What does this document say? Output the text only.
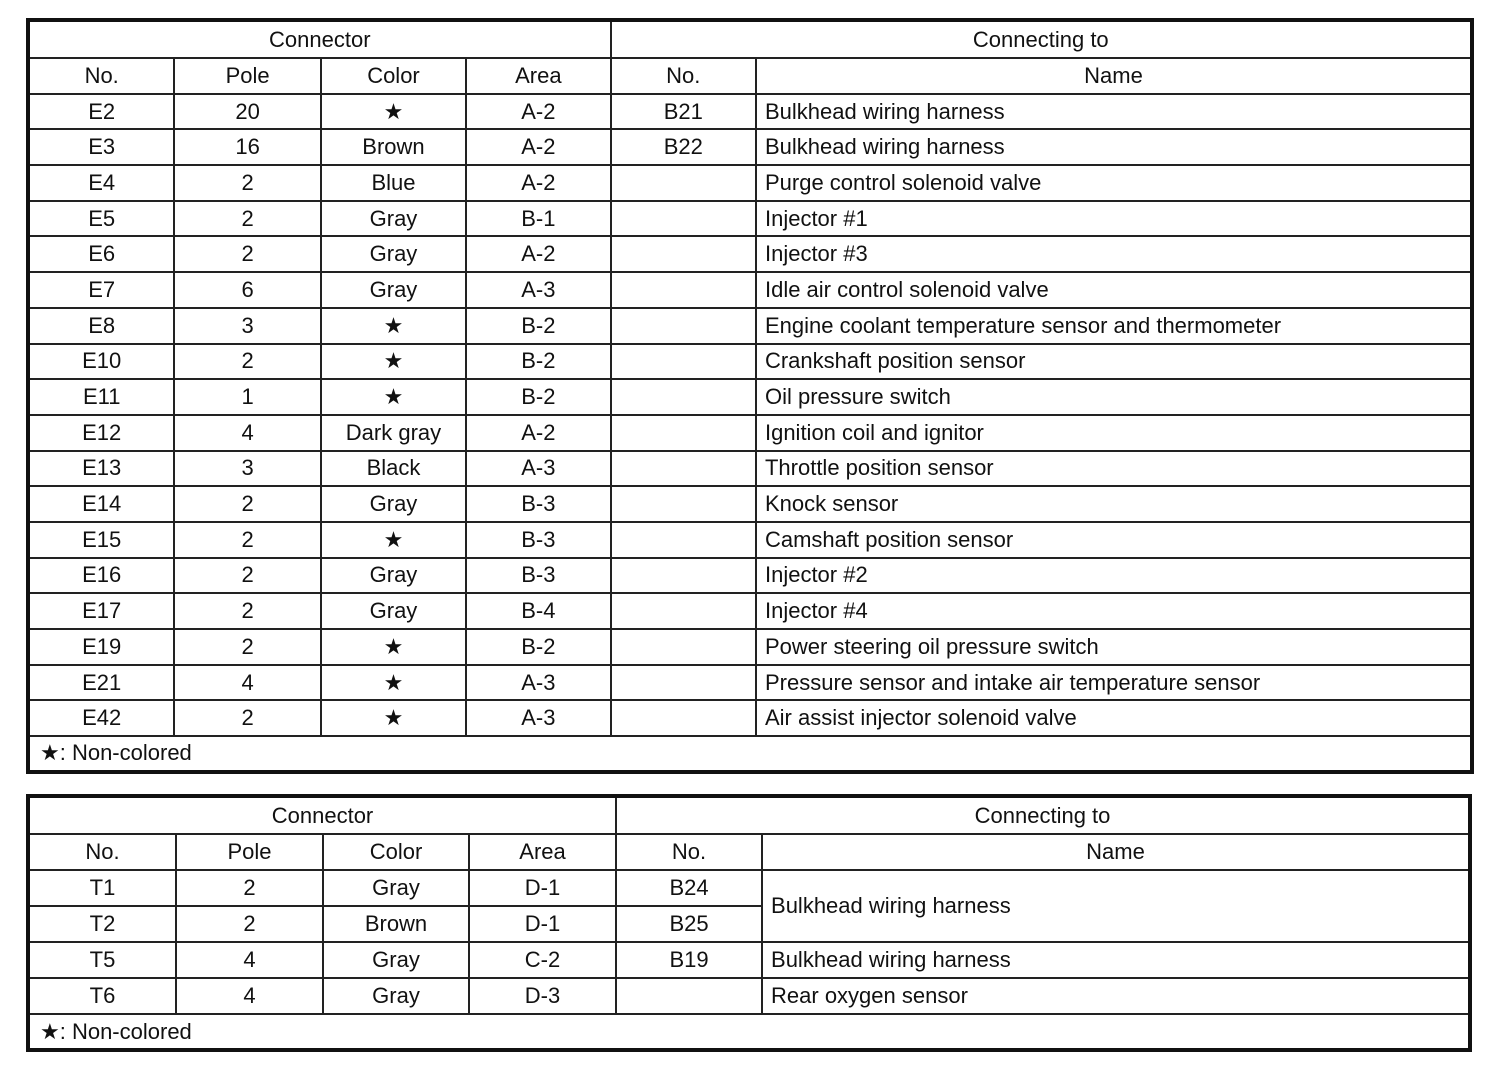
Connector				Connecting to	
No.	Pole	Color	Area	No.	Name
E2	20	★	A-2	B21	Bulkhead wiring harness
E3	16	Brown	A-2	B22	Bulkhead wiring harness
E4	2	Blue	A-2		Purge control solenoid valve
E5	2	Gray	B-1		Injector #1
E6	2	Gray	A-2		Injector #3
E7	6	Gray	A-3		Idle air control solenoid valve
E8	3	★	B-2		Engine coolant temperature sensor and thermometer
E10	2	★	B-2		Crankshaft position sensor
E11	1	★	B-2		Oil pressure switch
E12	4	Dark gray	A-2		Ignition coil and ignitor
E13	3	Black	A-3		Throttle position sensor
E14	2	Gray	B-3		Knock sensor
E15	2	★	B-3		Camshaft position sensor
E16	2	Gray	B-3		Injector #2
E17	2	Gray	B-4		Injector #4
E19	2	★	B-2		Power steering oil pressure switch
E21	4	★	A-3		Pressure sensor and intake air temperature sensor
E42	2	★	A-3		Air assist injector solenoid valve
★: Non-colored					
Connector				Connecting to	
No.	Pole	Color	Area	No.	Name
T1	2	Gray	D-1	B24	Bulkhead wiring harness
T2	2	Brown	D-1	B25	
T5	4	Gray	C-2	B19	Bulkhead wiring harness
T6	4	Gray	D-3		Rear oxygen sensor
★: Non-colored					
